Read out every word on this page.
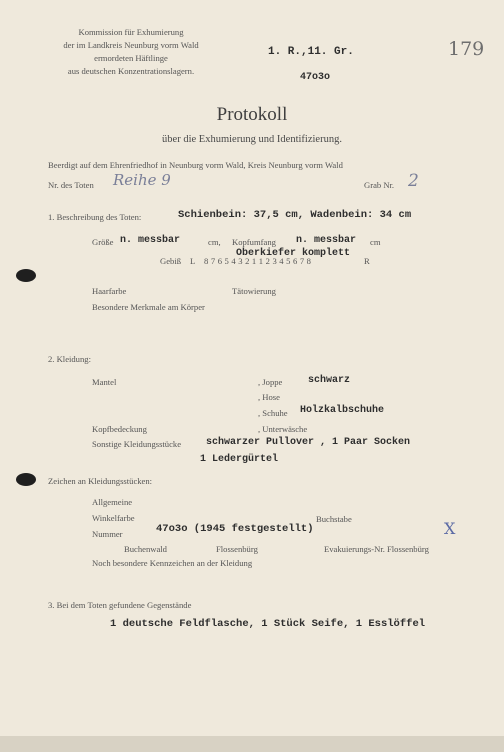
Kommission für Exhumierung
der im Landkreis Neunburg vorm Wald
ermordeten Häftlinge
aus deutschen Konzentrationslagern.
1. R.,11. Gr.
47o3o
179
Protokoll
über die Exhumierung und Identifizierung.
Beerdigt auf dem Ehrenfriedhof in Neunburg vorm Wald, Kreis Neunburg vorm Wald
Nr. des Toten Reihe 9	Grab Nr. 2
1. Beschreibung des Toten:	Schienbein: 37,5 cm, Wadenbein: 34 cm
Größe n. messbar	cm, Kopfumfang n. messbar cm
Gebiß L 8 7 6 5 4 3 2 1 1 2 3 4 5 6 7 8	R
Oberkiefer komplett
Haarfarbe	Tätowierung
Besondere Merkmale am Körper
2. Kleidung:
Mantel	, Joppe	schwarz
, Hose
, Schuhe Holzkalbschuhe
Kopfbedeckung	, Unterwäsche
Sonstige Kleidungsstücke schwarzer Pullover , 1 Paar Socken
1 Ledergürtel
Zeichen an Kleidungsstücken:
Allgemeine
Winkelfarbe	Buchstabe
Nummer	47o3o (1945 festgestellt)	X
Buchenwald	Flossenbürg	Evakuierungs-Nr. Flossenbürg
Noch besondere Kennzeichen an der Kleidung
3. Bei dem Toten gefundene Gegenstände
1 deutsche Feldflasche, 1 Stück Seife, 1 Esslöffel
